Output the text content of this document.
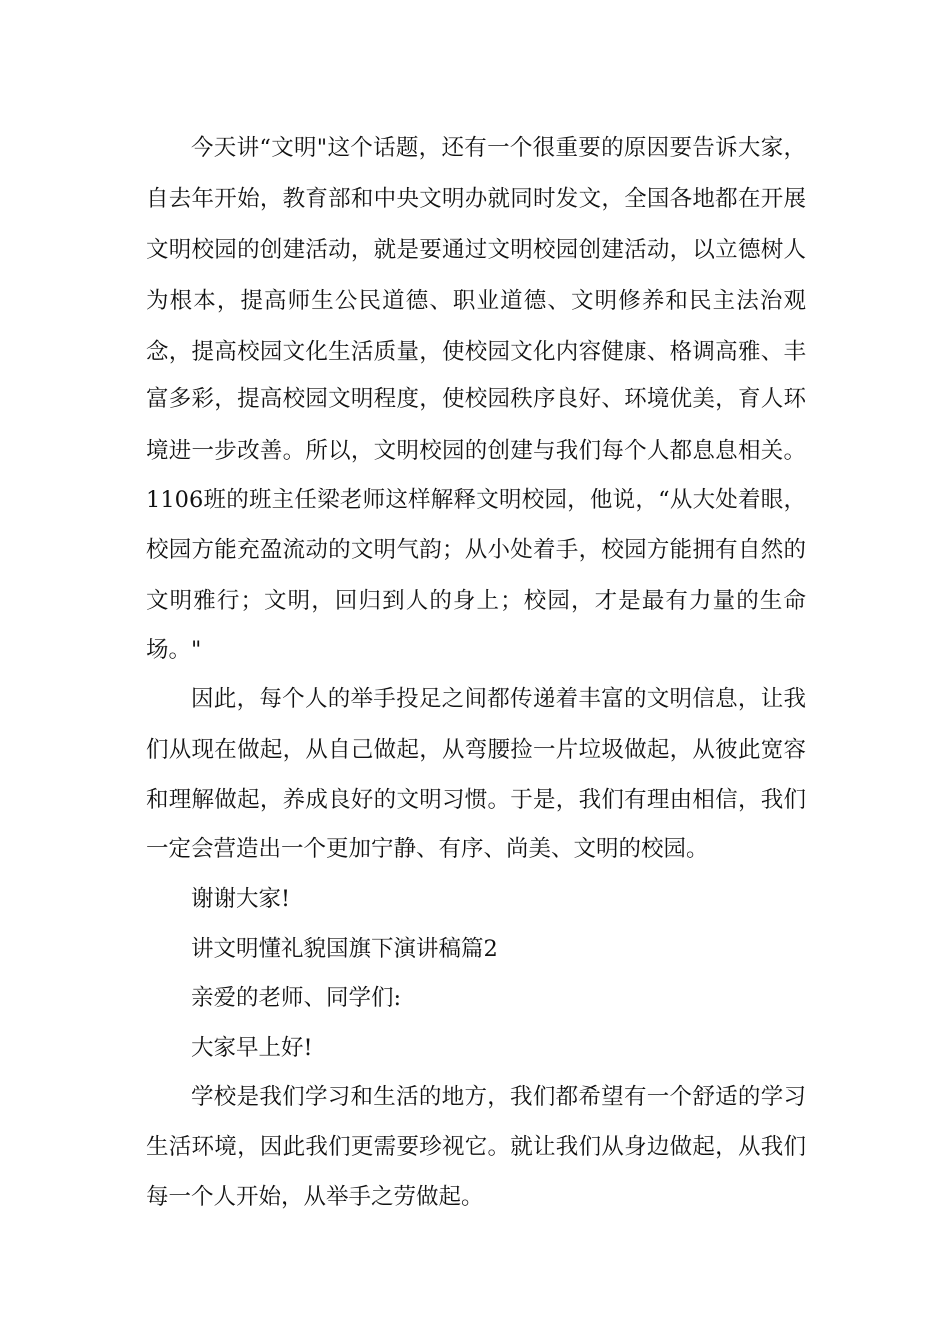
今天讲“文明"这个话题，还有一个很重要的原因要告诉大家，
自去年开始，教育部和中央文明办就同时发文，全国各地都在开展
文明校园的创建活动，就是要通过文明校园创建活动，以立德树人
为根本，提高师生公民道德、职业道德、文明修养和民主法治观
念，提高校园文化生活质量，使校园文化内容健康、格调高雅、丰
富多彩，提高校园文明程度，使校园秩序良好、环境优美，育人环
境进一步改善。所以，文明校园的创建与我们每个人都息息相关。
1106班的班主任梁老师这样解释文明校园，他说，“从大处着眼，
校园方能充盈流动的文明气韵；从小处着手，校园方能拥有自然的
文明雅行；文明，回归到人的身上；校园，才是最有力量的生命
场。"
因此，每个人的举手投足之间都传递着丰富的文明信息，让我
们从现在做起，从自己做起，从弯腰捡一片垃圾做起，从彼此宽容
和理解做起，养成良好的文明习惯。于是，我们有理由相信，我们
一定会营造出一个更加宁静、有序、尚美、文明的校园。
谢谢大家!
讲文明懂礼貌国旗下演讲稿篇2
亲爱的老师、同学们:
大家早上好!
学校是我们学习和生活的地方，我们都希望有一个舒适的学习
生活环境，因此我们更需要珍视它。就让我们从身边做起，从我们
每一个人开始，从举手之劳做起。
